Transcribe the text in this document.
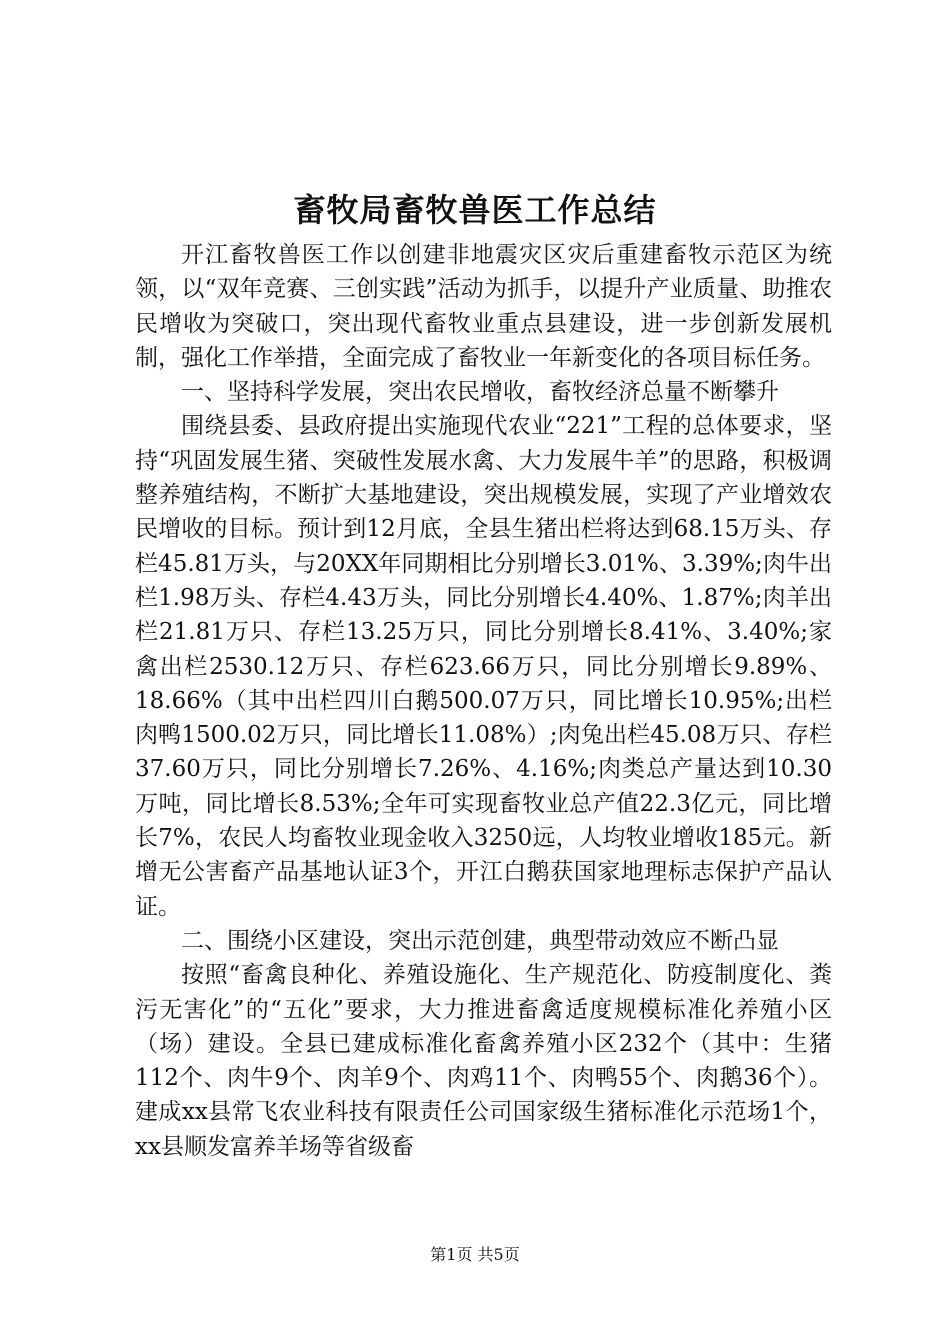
畜牧局畜牧兽医工作总结

开江畜牧兽医工作以创建非地震灾区灾后重建畜牧示范区为统领，以“双年竞赛、三创实践”活动为抓手，以提升产业质量、助推农民增收为突破口，突出现代畜牧业重点县建设，进一步创新发展机制，强化工作举措，全面完成了畜牧业一年新变化的各项目标任务。

一、坚持科学发展，突出农民增收，畜牧经济总量不断攀升

围绕县委、县政府提出实施现代农业“221”工程的总体要求，坚持“巩固发展生猪、突破性发展水禽、大力发展牛羊”的思路，积极调整养殖结构，不断扩大基地建设，突出规模发展，实现了产业增效农民增收的目标。预计到12月底，全县生猪出栏将达到68.15万头、存栏45.81万头，与20XX年同期相比分别增长3.01%、3.39%;肉牛出栏1.98万头、存栏4.43万头，同比分别增长4.40%、1.87%;肉羊出栏21.81万只、存栏13.25万只，同比分别增长8.41%、3.40%;家禽出栏2530.12万只、存栏623.66万只，同比分别增长9.89%、18.66%（其中出栏四川白鹅500.07万只，同比增长10.95%;出栏肉鸭1500.02万只，同比增长11.08%）;肉兔出栏45.08万只、存栏37.60万只，同比分别增长7.26%、4.16%;肉类总产量达到10.30万吨，同比增长8.53%;全年可实现畜牧业总产值22.3亿元，同比增长7%，农民人均畜牧业现金收入3250远，人均牧业增收185元。新增无公害畜产品基地认证3个，开江白鹅获国家地理标志保护产品认证。

二、围绕小区建设，突出示范创建，典型带动效应不断凸显

按照“畜禽良种化、养殖设施化、生产规范化、防疫制度化、粪污无害化”的“五化”要求，大力推进畜禽适度规模标准化养殖小区（场）建设。全县已建成标准化畜禽养殖小区232个（其中：生猪112个、肉牛9个、肉羊9个、肉鸡11个、肉鸭55个、肉鹅36个）。建成xx县常飞农业科技有限责任公司国家级生猪标准化示范场1个，xx县顺发富养羊场等省级畜

第1页 共5页
